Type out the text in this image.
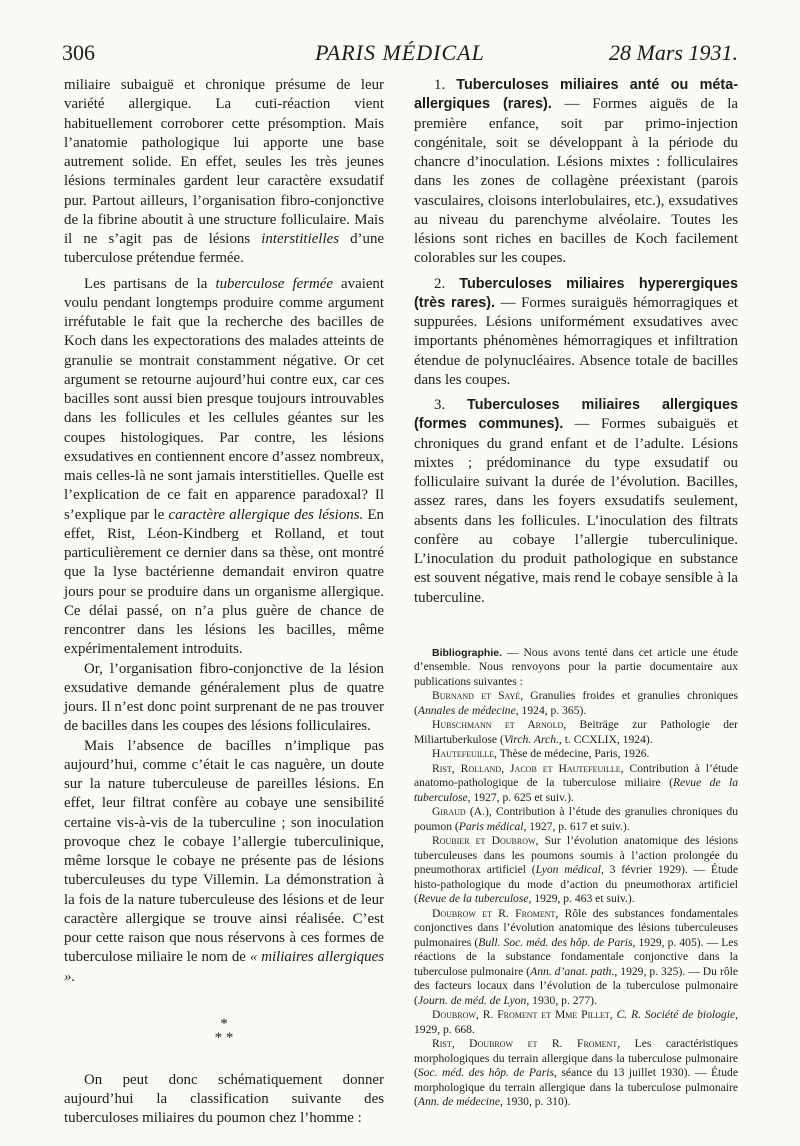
306	PARIS MÉDICAL	28 Mars 1931.

miliaire subaiguë et chronique présume de leur variété allergique. La cuti-réaction vient habituellement corroborer cette présomption. Mais l’anatomie pathologique lui apporte une base autrement solide. En effet, seules les très jeunes lésions terminales gardent leur caractère exsudatif pur. Partout ailleurs, l’organisation fibro-conjonctive de la fibrine aboutit à une structure folliculaire. Mais il ne s’agit pas de lésions interstitielles d’une tuberculose prétendue fermée.

Les partisans de la tuberculose fermée avaient voulu pendant longtemps produire comme argument irréfutable le fait que la recherche des bacilles de Koch dans les expectorations des malades atteints de granulie se montrait constamment négative. Or cet argument se retourne aujourd’hui contre eux, car ces bacilles sont aussi bien presque toujours introuvables dans les follicules et les cellules géantes sur les coupes histologiques. Par contre, les lésions exsudatives en contiennent encore d’assez nombreux, mais celles-là ne sont jamais interstitielles. Quelle est l’explication de ce fait en apparence paradoxal? Il s’explique par le caractère allergique des lésions. En effet, Rist, Léon-Kindberg et Rolland, et tout particulièrement ce dernier dans sa thèse, ont montré que la lyse bactérienne demandait environ quatre jours pour se produire dans un organisme allergique. Ce délai passé, on n’a plus guère de chance de rencontrer dans les lésions les bacilles, même expérimentalement introduits.

Or, l’organisation fibro-conjonctive de la lésion exsudative demande généralement plus de quatre jours. Il n’est donc point surprenant de ne pas trouver de bacilles dans les coupes des lésions folliculaires.

Mais l’absence de bacilles n’implique pas aujourd’hui, comme c’était le cas naguère, un doute sur la nature tuberculeuse de pareilles lésions. En effet, leur filtrat confère au cobaye une sensibilité certaine vis-à-vis de la tuberculine ; son inoculation provoque chez le cobaye l’allergie tuberculinique, même lorsque le cobaye ne présente pas de lésions tuberculeuses du type Villemin. La démonstration à la fois de la nature tuberculeuse des lésions et de leur caractère allergique se trouve ainsi réalisée. C’est pour cette raison que nous réservons à ces formes de tuberculose miliaire le nom de « miliaires allergiques ».

*
* *

On peut donc schématiquement donner aujourd’hui la classification suivante des tuberculoses miliaires du poumon chez l’homme :

1. Tuberculoses miliaires anté ou méta-allergiques (rares). — Formes aiguës de la première enfance, soit par primo-injection congénitale, soit se développant à la période du chancre d’inoculation. Lésions mixtes : folliculaires dans les zones de collagène préexistant (parois vasculaires, cloisons interlobulaires, etc.), exsudatives au niveau du parenchyme alvéolaire. Toutes les lésions sont riches en bacilles de Koch facilement colorables sur les coupes.

2. Tuberculoses miliaires hyperergiques (très rares). — Formes suraiguës hémorragiques et suppurées. Lésions uniformément exsudatives avec importants phénomènes hémorragiques et infiltration étendue de polynucléaires. Absence totale de bacilles dans les coupes.

3. Tuberculoses miliaires allergiques (formes communes). — Formes subaiguës et chroniques du grand enfant et de l’adulte. Lésions mixtes ; prédominance du type exsudatif ou folliculaire suivant la durée de l’évolution. Bacilles, assez rares, dans les foyers exsudatifs seulement, absents dans les follicules. L’inoculation des filtrats confère au cobaye l’allergie tuberculinique. L’inoculation du produit pathologique en substance est souvent négative, mais rend le cobaye sensible à la tuberculine.

Bibliographie. — Nous avons tenté dans cet article une étude d’ensemble. Nous renvoyons pour la partie documentaire aux publications suivantes :

Burnand et Sayé, Granulies froides et granulies chroniques (Annales de médecine, 1924, p. 365).

Hubschmann et Arnold, Beiträge zur Pathologie der Miliartuberkulose (Virch. Arch., t. CCXLIX, 1924).

Hautefeuille, Thèse de médecine, Paris, 1926.

Rist, Rolland, Jacob et Hautefeuille, Contribution à l’étude anatomo-pathologique de la tuberculose miliaire (Revue de la tuberculose, 1927, p. 625 et suiv.).

Giraud (A.), Contribution à l’étude des granulies chroniques du poumon (Paris médical, 1927, p. 617 et suiv.).

Roubier et Doubrow, Sur l’évolution anatomique des lésions tuberculeuses dans les poumons soumis à l’action prolongée du pneumothorax artificiel (Lyon médical, 3 février 1929). — Étude histo-pathologique du mode d’action du pneumothorax artificiel (Revue de la tuberculose, 1929, p. 463 et suiv.).

Doubrow et R. Froment, Rôle des substances fondamentales conjonctives dans l’évolution anatomique des lésions tuberculeuses pulmonaires (Bull. Soc. méd. des hôp. de Paris, 1929, p. 405). — Les réactions de la substance fondamentale conjonctive dans la tuberculose pulmonaire (Ann. d’anat. path., 1929, p. 325). — Du rôle des facteurs locaux dans l’évolution de la tuberculose pulmonaire (Journ. de méd. de Lyon, 1930, p. 277).

Doubrow, R. Froment et Mme Pillet, C. R. Société de biologie, 1929, p. 668.

Rist, Doubrow et R. Froment, Les caractéristiques morphologiques du terrain allergique dans la tuberculose pulmonaire (Soc. méd. des hôp. de Paris, séance du 13 juillet 1930). — Étude morphologique du terrain allergique dans la tuberculose pulmonaire (Ann. de médecine, 1930, p. 310).
